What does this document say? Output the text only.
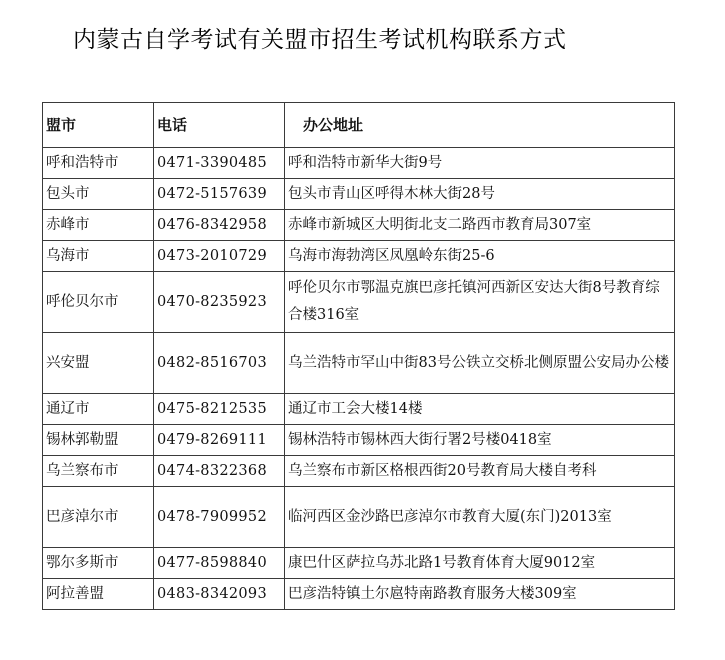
内蒙古自学考试有关盟市招生考试机构联系方式
盟市	电话	办公地址
呼和浩特市	0471-3390485	呼和浩特市新华大街9号
包头市	0472-5157639	包头市青山区呼得木林大街28号
赤峰市	0476-8342958	赤峰市新城区大明街北支二路西市教育局307室
乌海市	0473-2010729	乌海市海勃湾区凤凰岭东街25-6
呼伦贝尔市	0470-8235923	呼伦贝尔市鄂温克旗巴彦托镇河西新区安达大街8号教育综合楼316室
兴安盟	0482-8516703	乌兰浩特市罕山中街83号公铁立交桥北侧原盟公安局办公楼
通辽市	0475-8212535	通辽市工会大楼14楼
锡林郭勒盟	0479-8269111	锡林浩特市锡林西大街行署2号楼0418室
乌兰察布市	0474-8322368	乌兰察布市新区格根西街20号教育局大楼自考科
巴彦淖尔市	0478-7909952	临河西区金沙路巴彦淖尔市教育大厦(东门)2013室
鄂尔多斯市	0477-8598840	康巴什区萨拉乌苏北路1号教育体育大厦9012室
阿拉善盟	0483-8342093	巴彦浩特镇土尔扈特南路教育服务大楼309室
